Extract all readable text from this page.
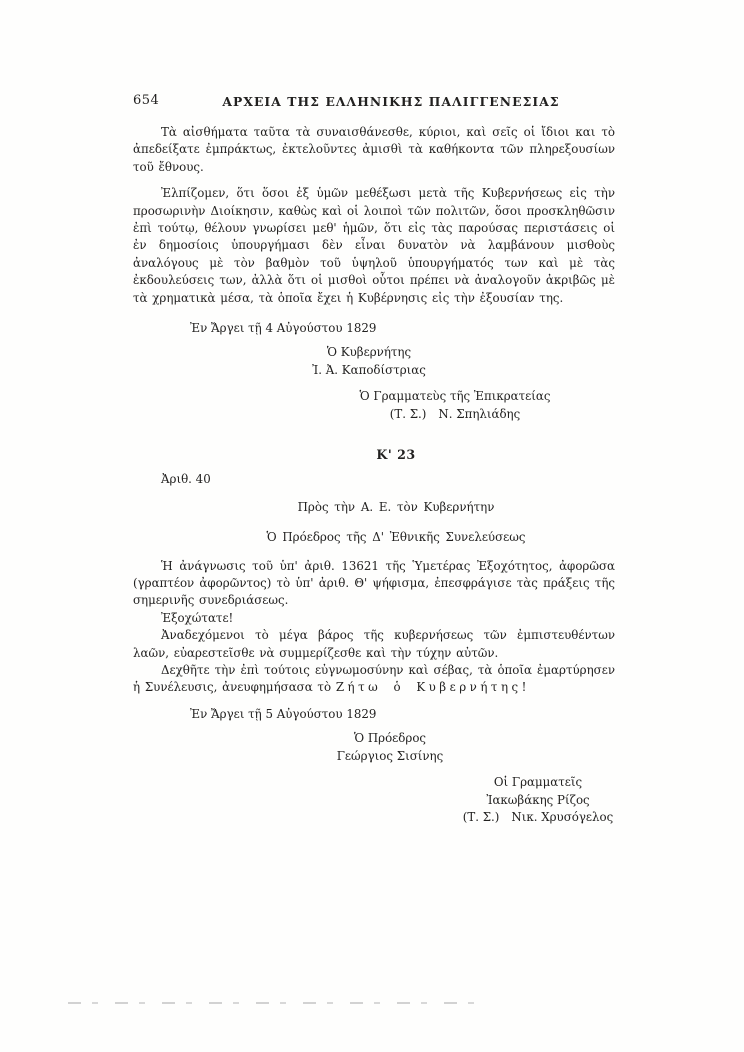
654	ΑΡΧΕΙΑ ΤΗΣ ΕΛΛΗΝΙΚΗΣ ΠΑΛΙΓΓΕΝΕΣΙΑΣ

Τὰ αἰσθήματα ταῦτα τὰ συναισθάνεσθε, κύριοι, καὶ σεῖς οἱ ἴδιοι και τὸ ἀπεδείξατε ἐμπράκτως, ἐκτελοῦντες ἀμισθὶ τὰ καθήκοντα τῶν πληρεξουσίων τοῦ ἔθνους.

Ἐλπίζομεν, ὅτι ὅσοι ἐξ ὑμῶν μεθέξωσι μετὰ τῆς Κυβερνήσεως εἰς τὴν προσωρινὴν Διοίκησιν, καθὼς καὶ οἱ λοιποὶ τῶν πολιτῶν, ὅσοι προσκληθῶσιν ἐπὶ τούτῳ, θέλουν γνωρίσει μεθ' ἡμῶν, ὅτι εἰς τὰς παρούσας περιστάσεις οἱ ἐν δημοσίοις ὑπουργήμασι δὲν εἶναι δυνατὸν νὰ λαμβάνουν μισθοὺς ἀναλόγους μὲ τὸν βαθμὸν τοῦ ὑψηλοῦ ὑπουργήματός των καὶ μὲ τὰς ἐκδουλεύσεις των, ἀλλὰ ὅτι οἱ μισθοὶ οὗτοι πρέπει νὰ ἀναλογοῦν ἀκριβῶς μὲ τὰ χρηματικὰ μέσα, τὰ ὁποῖα ἔχει ἡ Κυβέρνησις εἰς τὴν ἐξουσίαν της.

Ἐν Ἄργει τῇ 4 Αὐγούστου 1829
Ὁ Κυβερνήτης
Ἰ. Ἀ. Καποδίστριας
Ὁ Γραμματεὺς τῆς Ἐπικρατείας
(Τ. Σ.) Ν. Σπηλιάδης
Κ' 23
Ἀριθ. 40
Πρὸς τὴν Α. Ε. τὸν Κυβερνήτην
Ὁ Πρόεδρος τῆς Δ' Ἐθνικῆς Συνελεύσεως

Ἡ ἀνάγνωσις τοῦ ὑπ' ἀριθ. 13621 τῆς Ὑμετέρας Ἐξοχότητος, ἀφορῶσα (γραπτέον ἀφορῶντος) τὸ ὑπ' ἀριθ. Θ' ψήφισμα, ἐπεσφράγισε τὰς πράξεις τῆς σημερινῆς συνεδριάσεως.

Ἐξοχώτατε!

Ἀναδεχόμενοι τὸ μέγα βάρος τῆς κυβερνήσεως τῶν ἐμπιστευθέντων λαῶν, εὐαρεστεῖσθε νὰ συμμερίζεσθε καὶ τὴν τύχην αὐτῶν.

Δεχθῆτε τὴν ἐπὶ τούτοις εὐγνωμοσύνην καὶ σέβας, τὰ ὁποῖα ἐμαρτύρησεν ἡ Συνέλευσις, ἀνευφημήσασα τὸ Ζήτω ὁ Κυβερνήτης!

Ἐν Ἄργει τῇ 5 Αὐγούστου 1829
Ὁ Πρόεδρος
Γεώργιος Σισίνης
Οἱ Γραμματεῖς
Ἰακωβάκης Ρίζος
(Τ. Σ.) Νικ. Χρυσόγελος
